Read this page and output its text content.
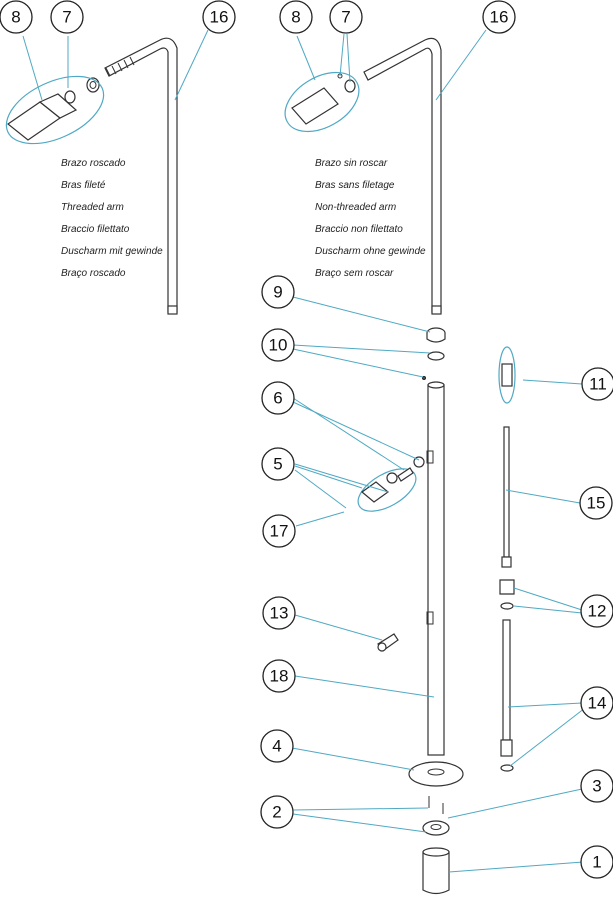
8 7	16	8 7	16
9
10
11
6
5
15
17
12
13
18
14
4
3
2
1
Brazo roscado
Bras fileté
Threaded arm
Braccio filettato
Duscharm mit gewinde
Braço roscado
Brazo sin roscar
Bras sans filetage
Non-threaded arm
Braccio non filettato
Duscharm ohne gewinde
Braço sem roscar
